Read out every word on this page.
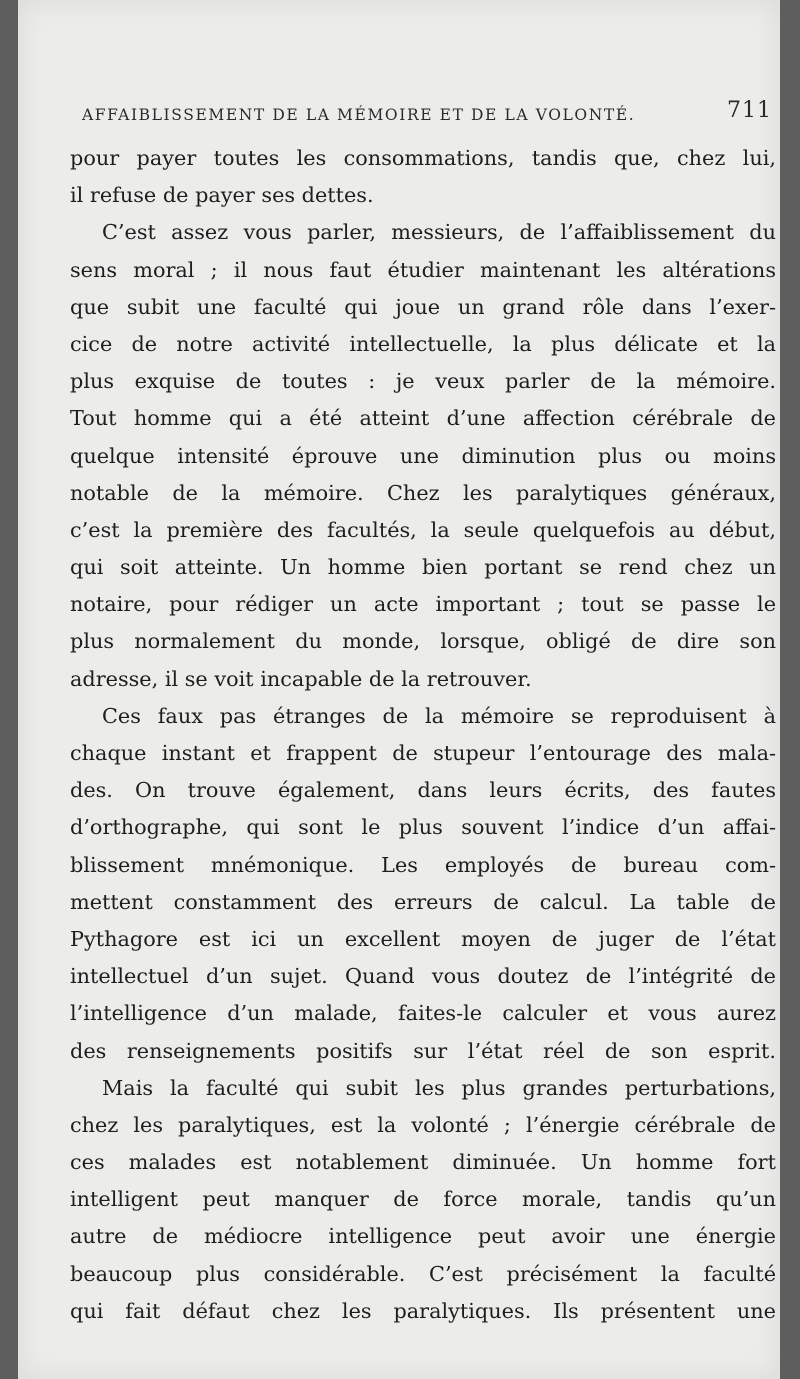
AFFAIBLISSEMENT DE LA MÉMOIRE ET DE LA VOLONTÉ.	711
pour payer toutes les consommations, tandis que, chez lui,
il refuse de payer ses dettes.
C’est assez vous parler, messieurs, de l’affaiblissement du
sens moral ; il nous faut étudier maintenant les altérations
que subit une faculté qui joue un grand rôle dans l’exer-
cice de notre activité intellectuelle, la plus délicate et la
plus exquise de toutes : je veux parler de la mémoire.
Tout homme qui a été atteint d’une affection cérébrale de
quelque intensité éprouve une diminution plus ou moins
notable de la mémoire. Chez les paralytiques généraux,
c’est la première des facultés, la seule quelquefois au début,
qui soit atteinte. Un homme bien portant se rend chez un
notaire, pour rédiger un acte important ; tout se passe le
plus normalement du monde, lorsque, obligé de dire son
adresse, il se voit incapable de la retrouver.
Ces faux pas étranges de la mémoire se reproduisent à
chaque instant et frappent de stupeur l’entourage des mala-
des. On trouve également, dans leurs écrits, des fautes
d’orthographe, qui sont le plus souvent l’indice d’un affai-
blissement mnémonique. Les employés de bureau com-
mettent constamment des erreurs de calcul. La table de
Pythagore est ici un excellent moyen de juger de l’état
intellectuel d’un sujet. Quand vous doutez de l’intégrité de
l’intelligence d’un malade, faites-le calculer et vous aurez
des renseignements positifs sur l’état réel de son esprit.
Mais la faculté qui subit les plus grandes perturbations,
chez les paralytiques, est la volonté ; l’énergie cérébrale de
ces malades est notablement diminuée. Un homme fort
intelligent peut manquer de force morale, tandis qu’un
autre de médiocre intelligence peut avoir une énergie
beaucoup plus considérable. C’est précisément la faculté
qui fait défaut chez les paralytiques. Ils présentent une
